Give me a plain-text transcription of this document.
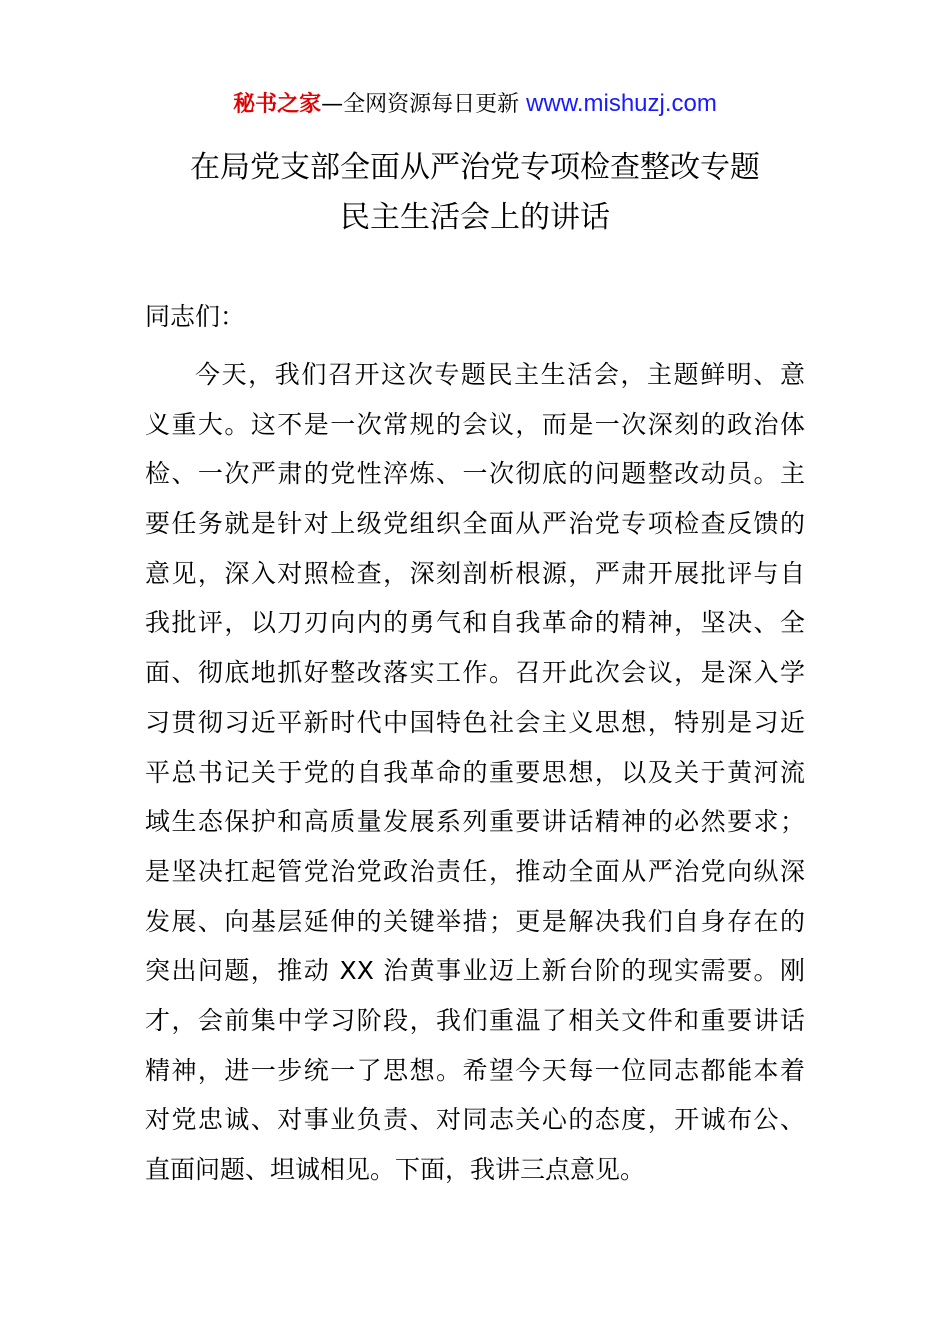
秘书之家—全网资源每日更新 www.mishuzj.com
在局党支部全面从严治党专项检查整改专题
民主生活会上的讲话
同志们：
今天，我们召开这次专题民主生活会，主题鲜明、意
义重大。这不是一次常规的会议，而是一次深刻的政治体
检、一次严肃的党性淬炼、一次彻底的问题整改动员。主
要任务就是针对上级党组织全面从严治党专项检查反馈的
意见，深入对照检查，深刻剖析根源，严肃开展批评与自
我批评，以刀刃向内的勇气和自我革命的精神，坚决、全
面、彻底地抓好整改落实工作。召开此次会议，是深入学
习贯彻习近平新时代中国特色社会主义思想，特别是习近
平总书记关于党的自我革命的重要思想，以及关于黄河流
域生态保护和高质量发展系列重要讲话精神的必然要求；
是坚决扛起管党治党政治责任，推动全面从严治党向纵深
发展、向基层延伸的关键举措；更是解决我们自身存在的
突出问题，推动 XX 治黄事业迈上新台阶的现实需要。刚
才，会前集中学习阶段，我们重温了相关文件和重要讲话
精神，进一步统一了思想。希望今天每一位同志都能本着
对党忠诚、对事业负责、对同志关心的态度，开诚布公、
直面问题、坦诚相见。下面，我讲三点意见。
